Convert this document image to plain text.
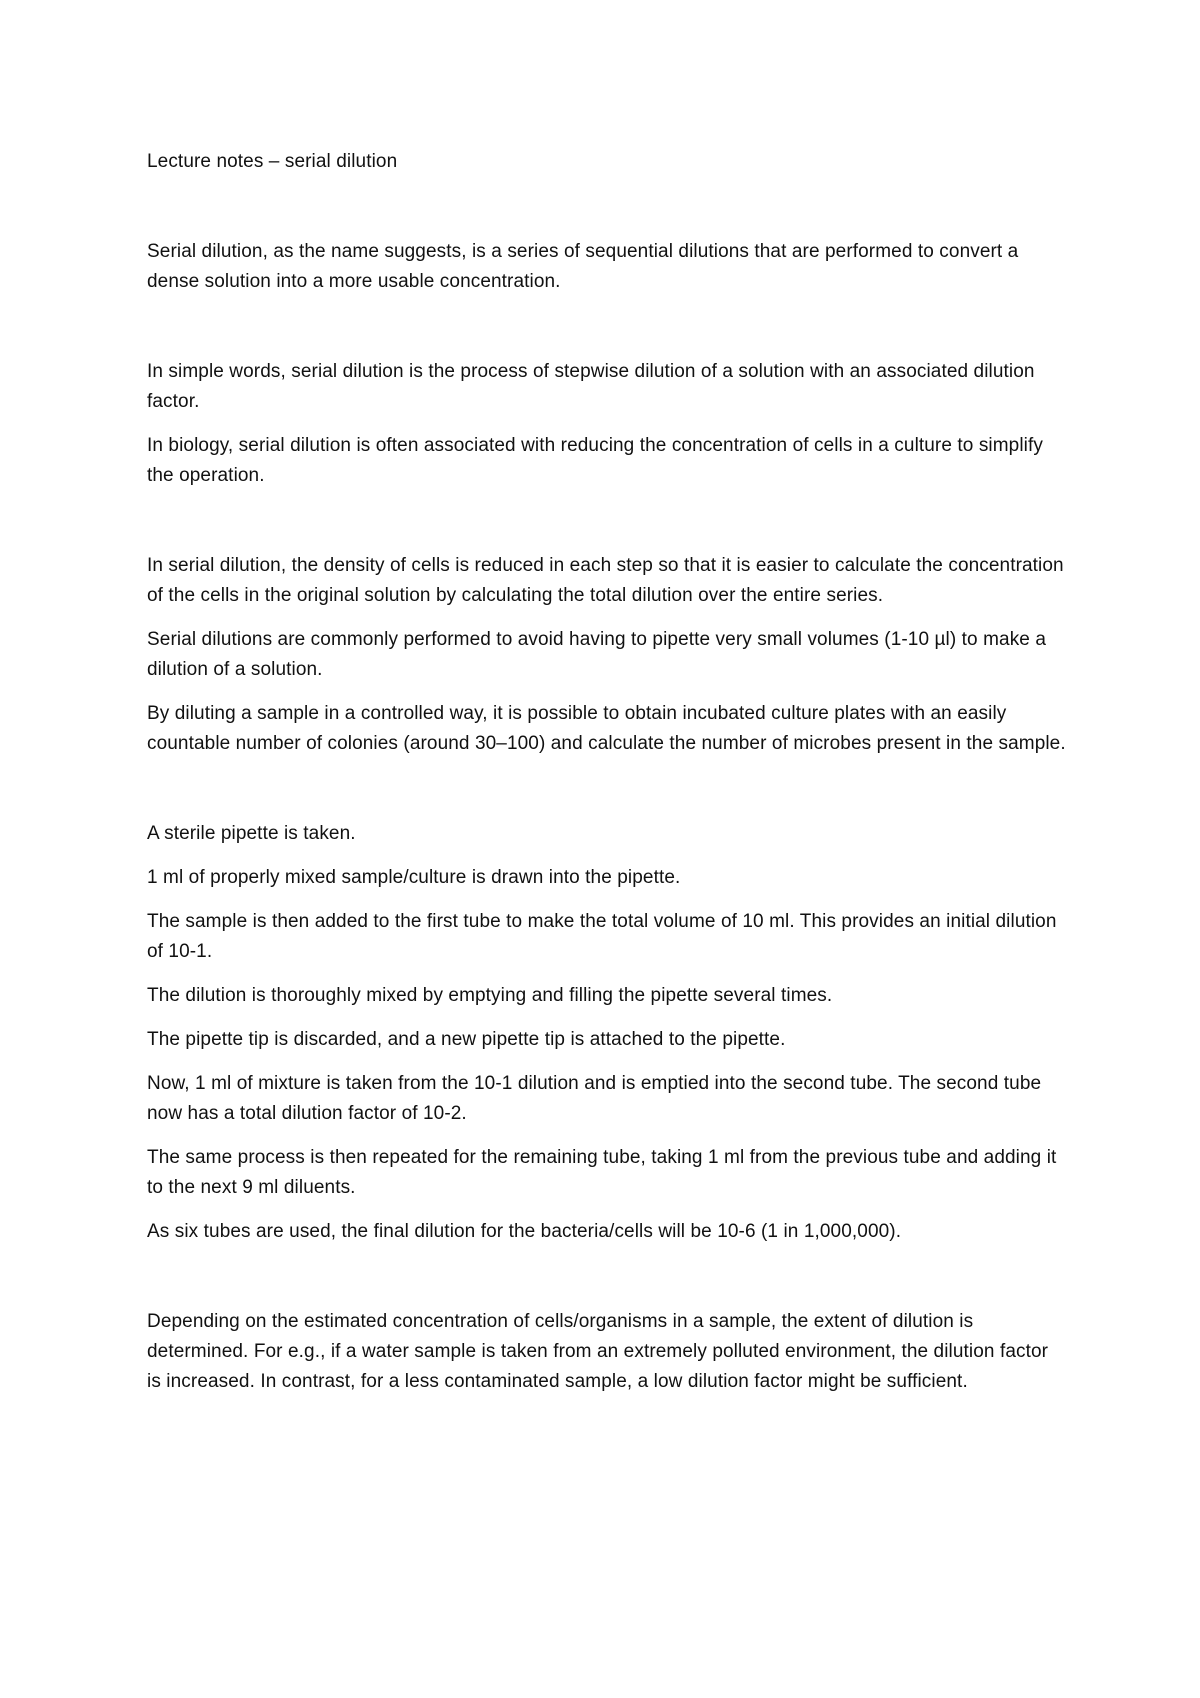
Lecture notes – serial dilution

Serial dilution, as the name suggests, is a series of sequential dilutions that are performed to convert a dense solution into a more usable concentration.

In simple words, serial dilution is the process of stepwise dilution of a solution with an associated dilution factor.

In biology, serial dilution is often associated with reducing the concentration of cells in a culture to simplify the operation.

In serial dilution, the density of cells is reduced in each step so that it is easier to calculate the concentration of the cells in the original solution by calculating the total dilution over the entire series.

Serial dilutions are commonly performed to avoid having to pipette very small volumes (1-10 µl) to make a dilution of a solution.

By diluting a sample in a controlled way, it is possible to obtain incubated culture plates with an easily countable number of colonies (around 30–100) and calculate the number of microbes present in the sample.

A sterile pipette is taken.

1 ml of properly mixed sample/culture is drawn into the pipette.

The sample is then added to the first tube to make the total volume of 10 ml. This provides an initial dilution of 10-1.

The dilution is thoroughly mixed by emptying and filling the pipette several times.

The pipette tip is discarded, and a new pipette tip is attached to the pipette.

Now, 1 ml of mixture is taken from the 10-1 dilution and is emptied into the second tube. The second tube now has a total dilution factor of 10-2.

The same process is then repeated for the remaining tube, taking 1 ml from the previous tube and adding it to the next 9 ml diluents.

As six tubes are used, the final dilution for the bacteria/cells will be 10-6 (1 in 1,000,000).

Depending on the estimated concentration of cells/organisms in a sample, the extent of dilution is determined. For e.g., if a water sample is taken from an extremely polluted environment, the dilution factor is increased. In contrast, for a less contaminated sample, a low dilution factor might be sufficient.
